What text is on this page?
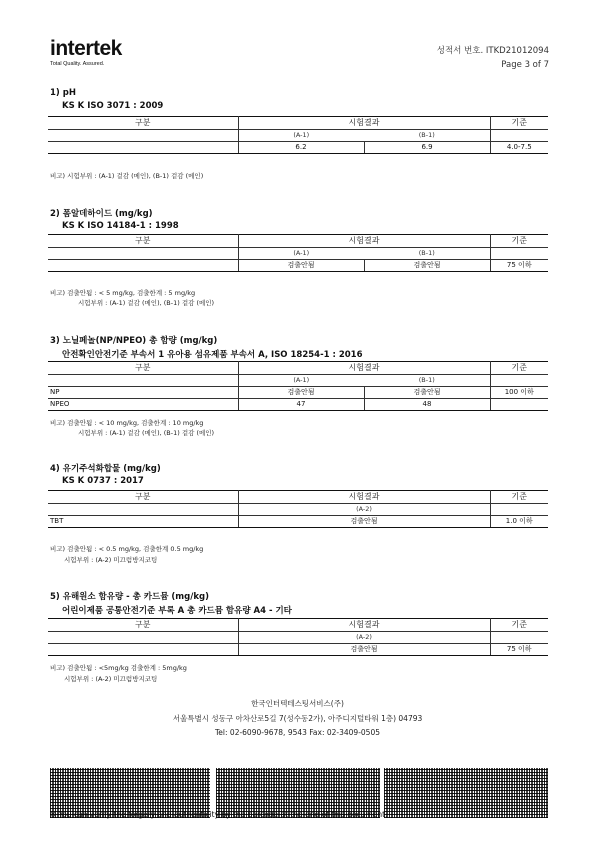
intertek
Total Quality. Assured.
성적서 번호. ITKD21012094
Page 3 of 7
1) pH
KS K ISO 3071 : 2009
구분	시험결과		기준
	(A-1)	(B-1)	
	6.2	6.9	4.0-7.5
비고) 시험부위 : (A-1) 겉감 (메인), (B-1) 겉감 (메인)
2) 폼알데하이드 (mg/kg)
KS K ISO 14184-1 : 1998
구분	시험결과		기준
	(A-1)	(B-1)	
	검출안됨	검출안됨	75 이하
비고) 검출안됨 : < 5 mg/kg, 검출한계 : 5 mg/kg
시험부위 : (A-1) 겉감 (메인), (B-1) 겉감 (메인)
3) 노닐페놀(NP/NPEO) 총 함량 (mg/kg)
안전확인안전기준 부속서 1 유아용 섬유제품 부속서 A, ISO 18254-1 : 2016
구분	시험결과		기준
	(A-1)	(B-1)	
NP	검출안됨	검출안됨	100 이하
NPEO	47	48	
비고) 검출안됨 : < 10 mg/kg, 검출한계 : 10 mg/kg
시험부위 : (A-1) 겉감 (메인), (B-1) 겉감 (메인)
4) 유기주석화합물 (mg/kg)
KS K 0737 : 2017
구분	시험결과	기준
	(A-2)	
TBT	검출안됨	1.0 이하
비고) 검출안됨 : < 0.5 mg/kg, 검출한계 0.5 mg/kg
시험부위 : (A-2) 미끄럼방지코팅
5) 유해원소 함유량 - 총 카드뮴 (mg/kg)
어린이제품 공통안전기준 부록 A 총 카드뮴 함유량 A4 - 기타
구분	시험결과	기준
	(A-2)	
	검출안됨	75 이하
비고) 검출안됨 : <5mg/kg 검출한계 : 5mg/kg
시험부위 : (A-2) 미끄럼방지코팅
한국인터텍테스팅서비스(주)
서울특별시 성동구 아차산로5길 7(성수동2가), 아주디지털타워 1층) 04793
Tel: 02-6090-9678, 9543 Fax: 02-3409-0505
※ You can verify the forgery and authenticity by the barcode at the end of this document.
